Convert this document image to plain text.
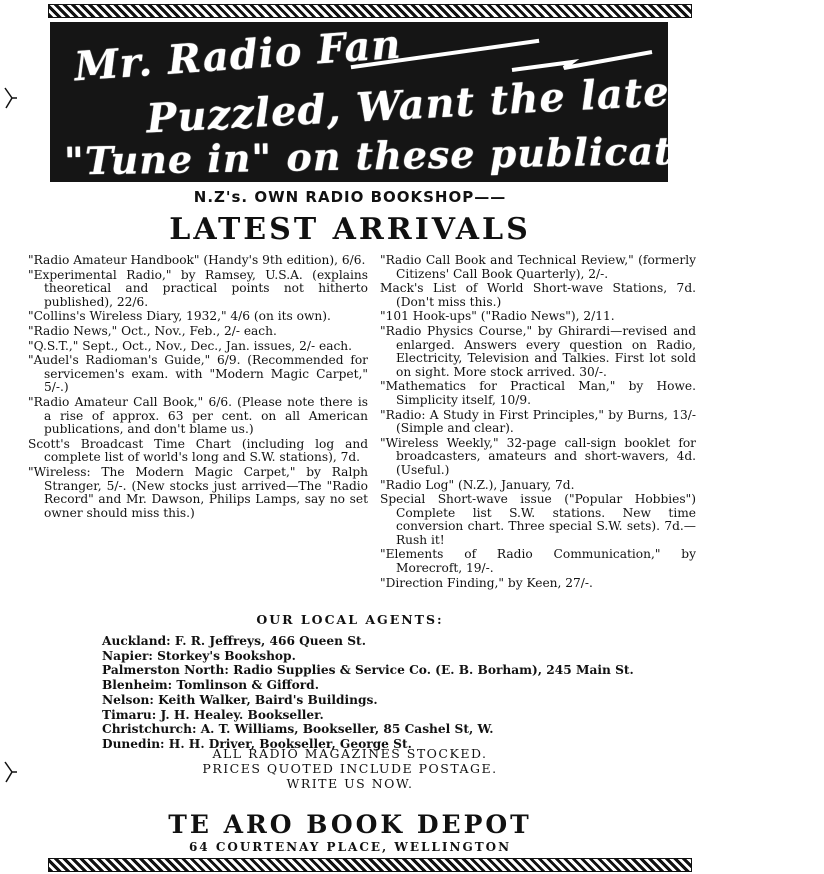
Mr. Radio Fan
Puzzled, Want the latest?
"Tune in" on these publications at
N.Z's. OWN RADIO BOOKSHOP——
LATEST ARRIVALS

"Radio Amateur Handbook" (Handy's 9th edition), 6/6.

"Experimental Radio," by Ramsey, U.S.A. (explains theoretical and practical points not hitherto published), 22/6.

"Collins's Wireless Diary, 1932," 4/6 (on its own).

"Radio News," Oct., Nov., Feb., 2/- each.

"Q.S.T.," Sept., Oct., Nov., Dec., Jan. issues, 2/- each.

"Audel's Radioman's Guide," 6/9. (Recommended for servicemen's exam. with "Modern Magic Carpet," 5/-.)

"Radio Amateur Call Book," 6/6. (Please note there is a rise of approx. 63 per cent. on all American publications, and don't blame us.)

Scott's Broadcast Time Chart (including log and complete list of world's long and S.W. stations), 7d.

"Wireless: The Modern Magic Carpet," by Ralph Stranger, 5/-. (New stocks just arrived—The "Radio Record" and Mr. Dawson, Philips Lamps, say no set owner should miss this.)

"Radio Call Book and Technical Review," (formerly Citizens' Call Book Quarterly), 2/-.

Mack's List of World Short-wave Stations, 7d. (Don't miss this.)

"101 Hook-ups" ("Radio News"), 2/11.

"Radio Physics Course," by Ghirardi—revised and enlarged. Answers every question on Radio, Electricity, Television and Talkies. First lot sold on sight. More stock arrived. 30/-.

"Mathematics for Practical Man," by Howe. Simplicity itself, 10/9.

"Radio: A Study in First Principles," by Burns, 13/- (Simple and clear).

"Wireless Weekly," 32-page call-sign booklet for broadcasters, amateurs and short-wavers, 4d. (Useful.)

"Radio Log" (N.Z.), January, 7d.

Special Short-wave issue ("Popular Hobbies") Complete list S.W. stations. New time conversion chart. Three special S.W. sets). 7d.—Rush it!

"Elements of Radio Communication," by Morecroft, 19/-.

"Direction Finding," by Keen, 27/-.

OUR LOCAL AGENTS:
Auckland: F. R. Jeffreys, 466 Queen St.
Napier: Storkey's Bookshop.
Palmerston North: Radio Supplies & Service Co. (E. B. Borham), 245 Main St.
Blenheim: Tomlinson & Gifford.
Nelson: Keith Walker, Baird's Buildings.
Timaru: J. H. Healey. Bookseller.
Christchurch: A. T. Williams, Bookseller, 85 Cashel St, W.
Dunedin: H. H. Driver, Bookseller, George St.
ALL RADIO MAGAZINES STOCKED.
PRICES QUOTED INCLUDE POSTAGE.
WRITE US NOW.
TE ARO BOOK DEPOT
64 COURTENAY PLACE, WELLINGTON
